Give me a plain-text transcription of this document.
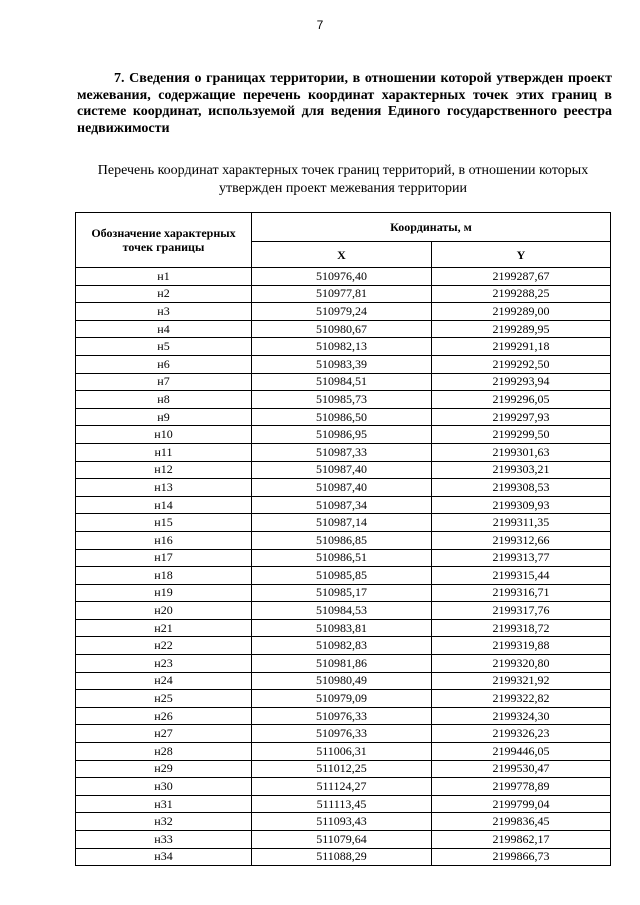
7
7. Сведения о границах территории, в отношении которой утвержден проект межевания, содержащие перечень координат характерных точек этих границ в системе координат, используемой для ведения Единого государственного реестра недвижимости
Перечень координат характерных точек границ территорий, в отношении которых утвержден проект межевания территории
Обозначение характерных точек границы	Координаты, м	
	X	Y
н1	510976,40	2199287,67
н2	510977,81	2199288,25
н3	510979,24	2199289,00
н4	510980,67	2199289,95
н5	510982,13	2199291,18
н6	510983,39	2199292,50
н7	510984,51	2199293,94
н8	510985,73	2199296,05
н9	510986,50	2199297,93
н10	510986,95	2199299,50
н11	510987,33	2199301,63
н12	510987,40	2199303,21
н13	510987,40	2199308,53
н14	510987,34	2199309,93
н15	510987,14	2199311,35
н16	510986,85	2199312,66
н17	510986,51	2199313,77
н18	510985,85	2199315,44
н19	510985,17	2199316,71
н20	510984,53	2199317,76
н21	510983,81	2199318,72
н22	510982,83	2199319,88
н23	510981,86	2199320,80
н24	510980,49	2199321,92
н25	510979,09	2199322,82
н26	510976,33	2199324,30
н27	510976,33	2199326,23
н28	511006,31	2199446,05
н29	511012,25	2199530,47
н30	511124,27	2199778,89
н31	511113,45	2199799,04
н32	511093,43	2199836,45
н33	511079,64	2199862,17
н34	511088,29	2199866,73
